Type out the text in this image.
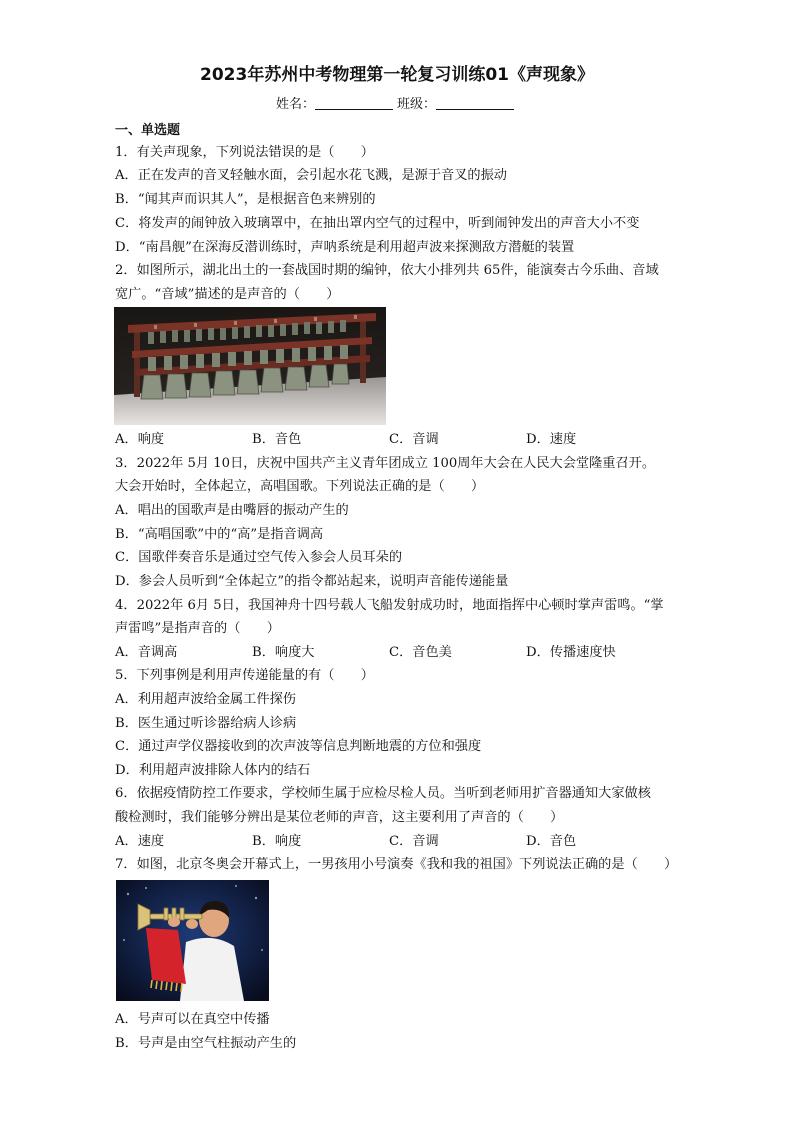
2023年苏州中考物理第一轮复习训练01《声现象》
姓名：	班级：
一、单选题
1．有关声现象，下列说法错误的是（　　）
A．正在发声的音叉轻触水面，会引起水花飞溅，是源于音叉的振动
B．“闻其声而识其人”，是根据音色来辨别的
C．将发声的闹钟放入玻璃罩中，在抽出罩内空气的过程中，听到闹钟发出的声音大小不变
D．“南昌舰”在深海反潜训练时，声呐系统是利用超声波来探测敌方潜艇的装置
2．如图所示，湖北出土的一套战国时期的编钟，依大小排列共 65件，能演奏古今乐曲、音域
宽广。“音域”描述的是声音的（　　）
A．响度	B．音色	C．音调	D．速度
3．2022年 5月 10日，庆祝中国共产主义青年团成立 100周年大会在人民大会堂隆重召开。
大会开始时，全体起立，高唱国歌。下列说法正确的是（　　）
A．唱出的国歌声是由嘴唇的振动产生的
B．“高唱国歌”中的“高”是指音调高
C．国歌伴奏音乐是通过空气传入参会人员耳朵的
D．参会人员听到“全体起立”的指令都站起来，说明声音能传递能量
4．2022年 6月 5日，我国神舟十四号载人飞船发射成功时，地面指挥中心顿时掌声雷鸣。“掌
声雷鸣”是指声音的（　　）
A．音调高	B．响度大	C．音色美	D．传播速度快
5．下列事例是利用声传递能量的有（　　）
A．利用超声波给金属工件探伤
B．医生通过听诊器给病人诊病
C．通过声学仪器接收到的次声波等信息判断地震的方位和强度
D．利用超声波排除人体内的结石
6．依据疫情防控工作要求，学校师生属于应检尽检人员。当听到老师用扩音器通知大家做核
酸检测时，我们能够分辨出是某位老师的声音，这主要利用了声音的（　　）
A．速度	B．响度	C．音调	D．音色
7．如图，北京冬奥会开幕式上，一男孩用小号演奏《我和我的祖国》下列说法正确的是（　　）
A．号声可以在真空中传播
B．号声是由空气柱振动产生的
